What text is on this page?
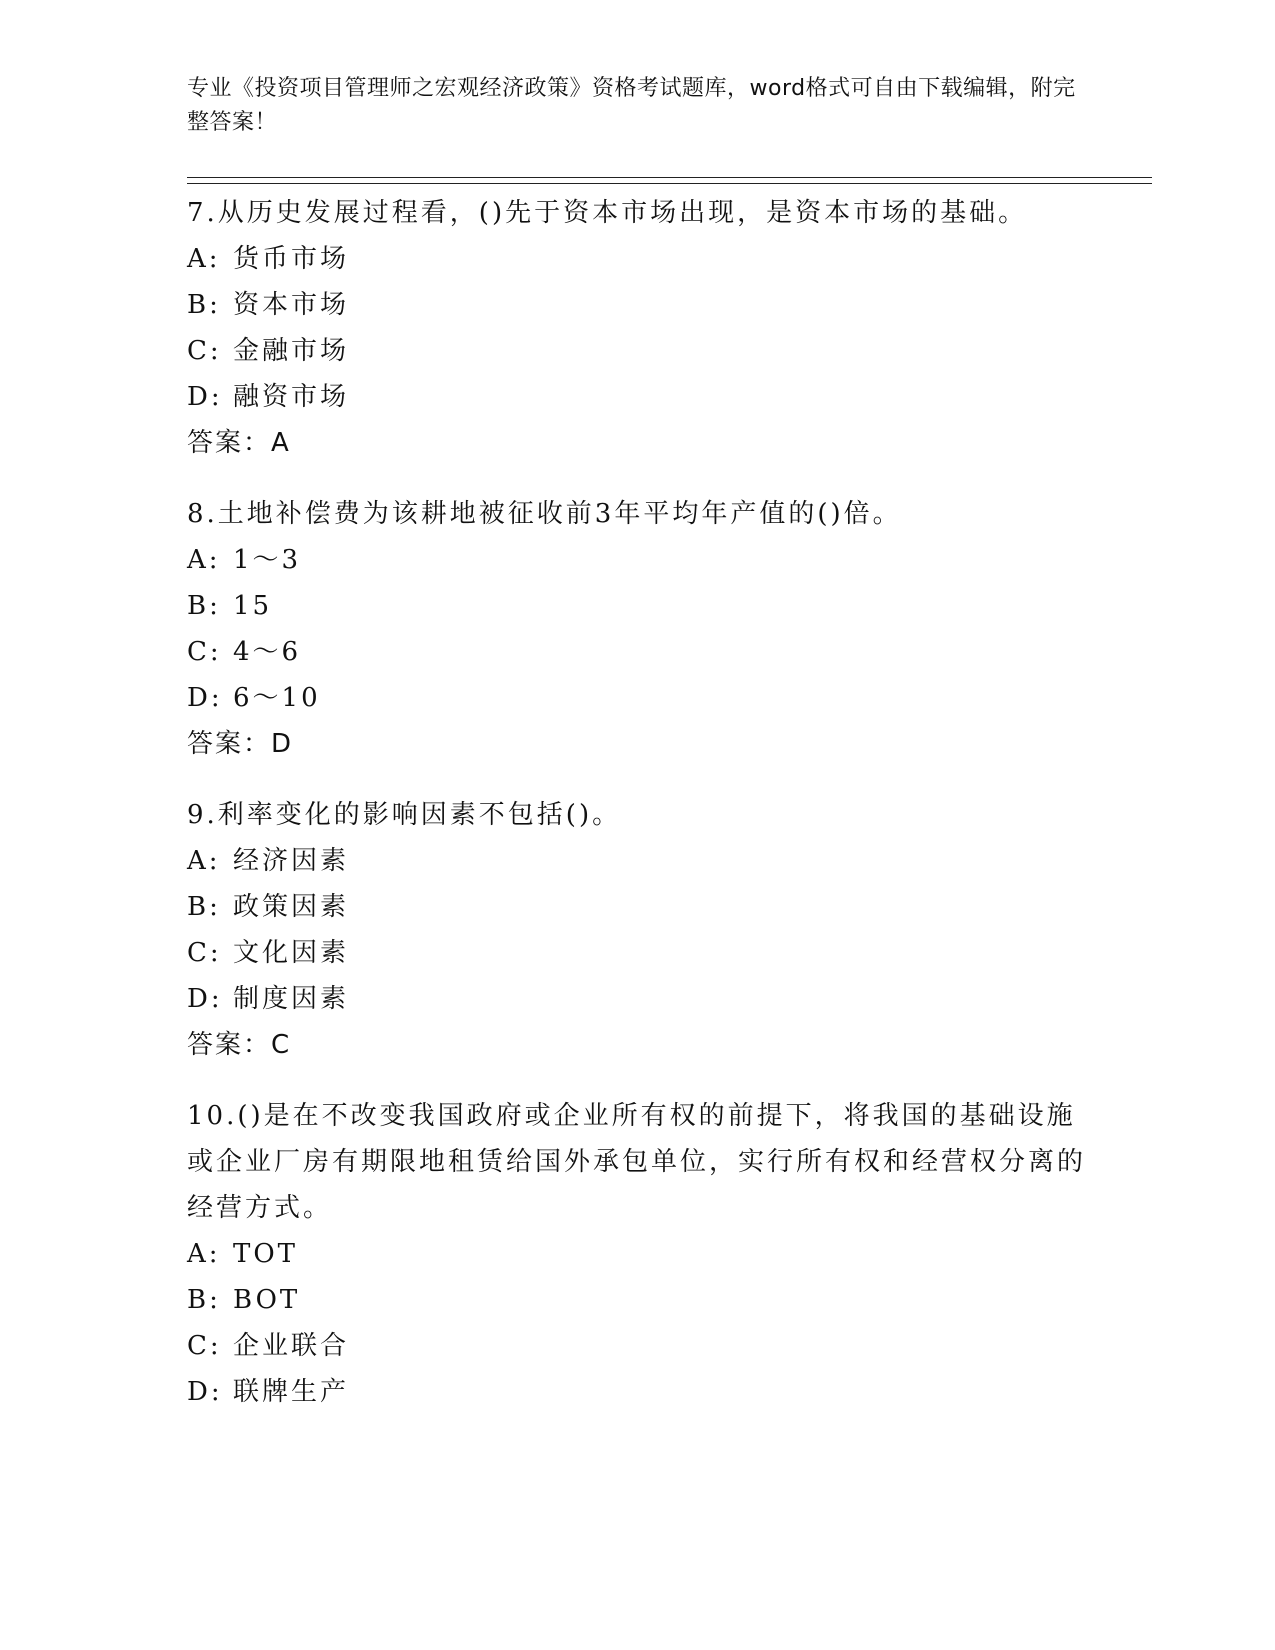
专业《投资项目管理师之宏观经济政策》资格考试题库，word格式可自由下载编辑，附完整答案！
7.从历史发展过程看，()先于资本市场出现，是资本市场的基础。
A: 货币市场
B: 资本市场
C: 金融市场
D: 融资市场
答案：A
8.土地补偿费为该耕地被征收前3年平均年产值的()倍。
A: 1～3
B: 15
C: 4～6
D: 6～10
答案：D
9.利率变化的影响因素不包括()。
A: 经济因素
B: 政策因素
C: 文化因素
D: 制度因素
答案：C
10.()是在不改变我国政府或企业所有权的前提下，将我国的基础设施或企业厂房有期限地租赁给国外承包单位，实行所有权和经营权分离的经营方式。
A: TOT
B: BOT
C: 企业联合
D: 联牌生产
